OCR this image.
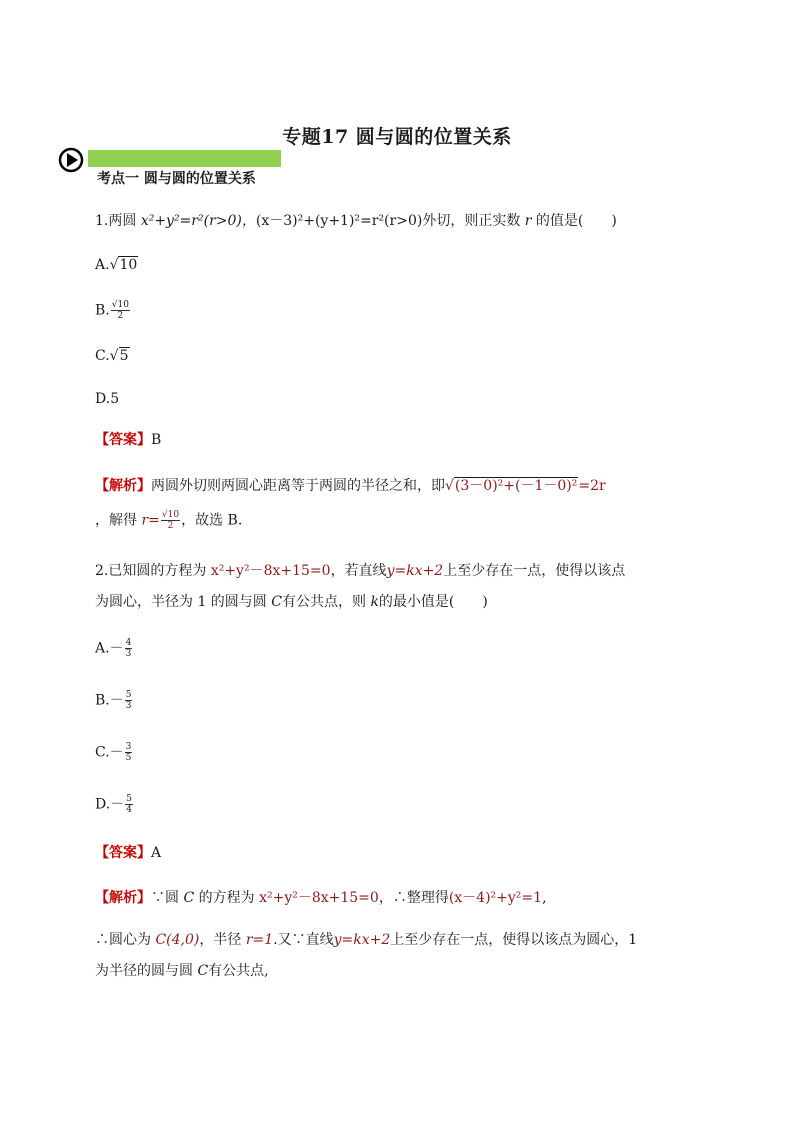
专题17 圆与圆的位置关系
考点一 圆与圆的位置关系
1.两圆 x²+y²=r²(r>0)，(x－3)²+(y+1)²=r²(r>0)外切，则正实数 r 的值是(　　)
A.√10
B. $\frac{√10}{2}$
C.√5
D.5
【答案】B
【解析】两圆外切则两圆心距离等于两圆的半径之和，即√(3－0)²+(－1－0)²=2r
，解得 $r= \frac{√10}{2}$ ，故选 B.
2.已知圆的方程为 x²+y²－8x+15=0，若直线y=kx+2上至少存在一点，使得以该点
为圆心，半径为 1 的圆与圆 C有公共点，则 k的最小值是(　　)
$A.- \frac{4}{3}$
$B.- \frac{5}{3}$
$C.- \frac{3}{5}$
$D.- \frac{5}{4}$
【答案】A
【解析】∵圆 C 的方程为 x²+y²－8x+15=0，∴整理得(x－4)²+y²=1,
∴圆心为 C(4,0)，半径 r=1.又∵直线y=kx+2上至少存在一点，使得以该点为圆心，1
为半径的圆与圆 C有公共点,
